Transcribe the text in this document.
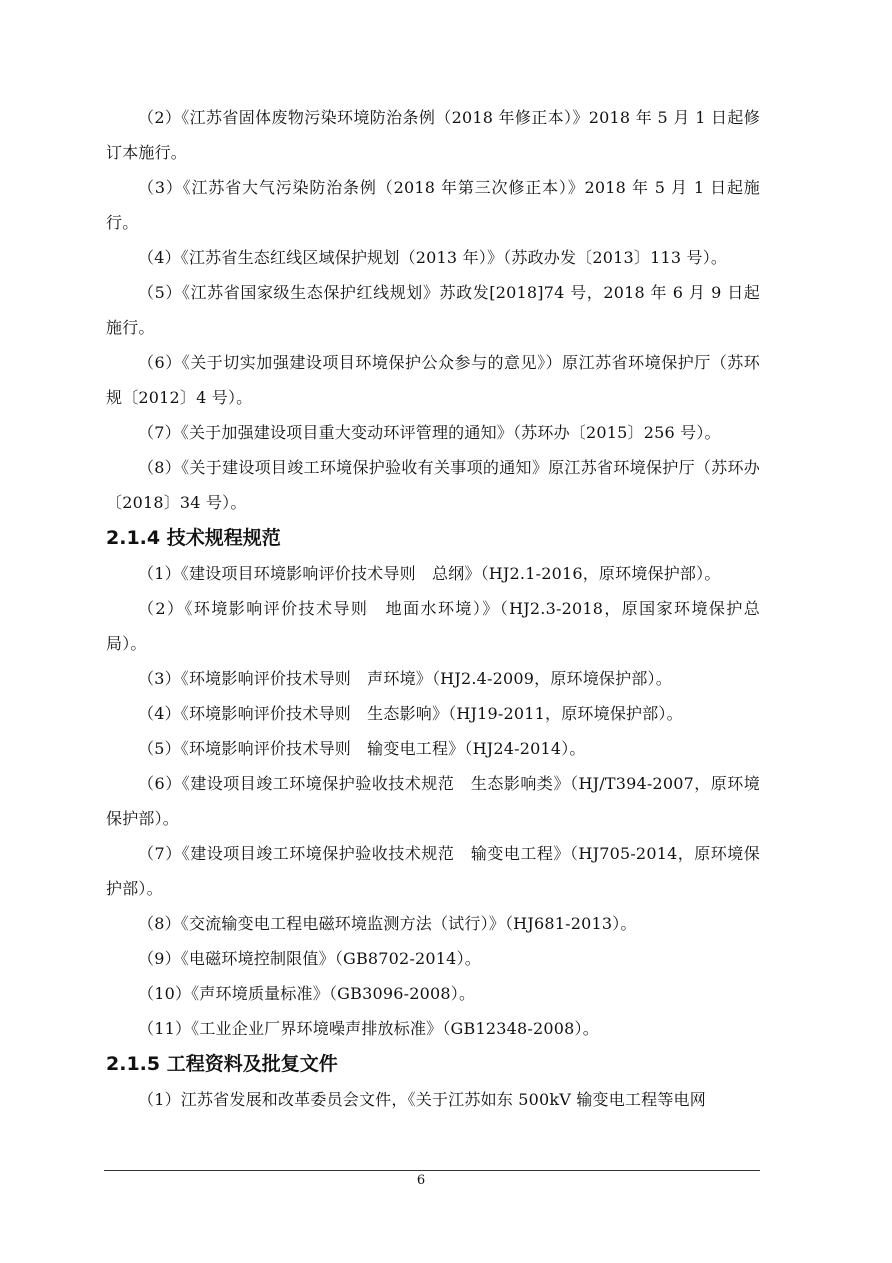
（2）《江苏省固体废物污染环境防治条例（2018 年修正本）》2018 年 5 月 1 日起修订本施行。

（3）《江苏省大气污染防治条例（2018 年第三次修正本）》2018 年 5 月 1 日起施行。

（4）《江苏省生态红线区域保护规划（2013 年）》（苏政办发〔2013〕113 号）。

（5）《江苏省国家级生态保护红线规划》苏政发[2018]74 号，2018 年 6 月 9 日起施行。

（6）《关于切实加强建设项目环境保护公众参与的意见》）原江苏省环境保护厅（苏环规〔2012〕4 号）。

（7）《关于加强建设项目重大变动环评管理的通知》（苏环办〔2015〕256 号）。

（8）《关于建设项目竣工环境保护验收有关事项的通知》原江苏省环境保护厅（苏环办〔2018〕34 号）。

2.1.4 技术规程规范

（1）《建设项目环境影响评价技术导则　总纲》（HJ2.1-2016，原环境保护部）。

（2）《环境影响评价技术导则　地面水环境）》（HJ2.3-2018，原国家环境保护总局）。

（3）《环境影响评价技术导则　声环境》（HJ2.4-2009，原环境保护部）。

（4）《环境影响评价技术导则　生态影响》（HJ19-2011，原环境保护部）。

（5）《环境影响评价技术导则　输变电工程》（HJ24-2014）。

（6）《建设项目竣工环境保护验收技术规范　生态影响类》（HJ/T394-2007，原环境保护部）。

（7）《建设项目竣工环境保护验收技术规范　输变电工程》（HJ705-2014，原环境保护部）。

（8）《交流输变电工程电磁环境监测方法（试行）》（HJ681-2013）。

（9）《电磁环境控制限值》（GB8702-2014）。

（10）《声环境质量标准》（GB3096-2008）。

（11）《工业企业厂界环境噪声排放标准》（GB12348-2008）。

2.1.5 工程资料及批复文件

（1）江苏省发展和改革委员会文件，《关于江苏如东 500kV 输变电工程等电网

6
